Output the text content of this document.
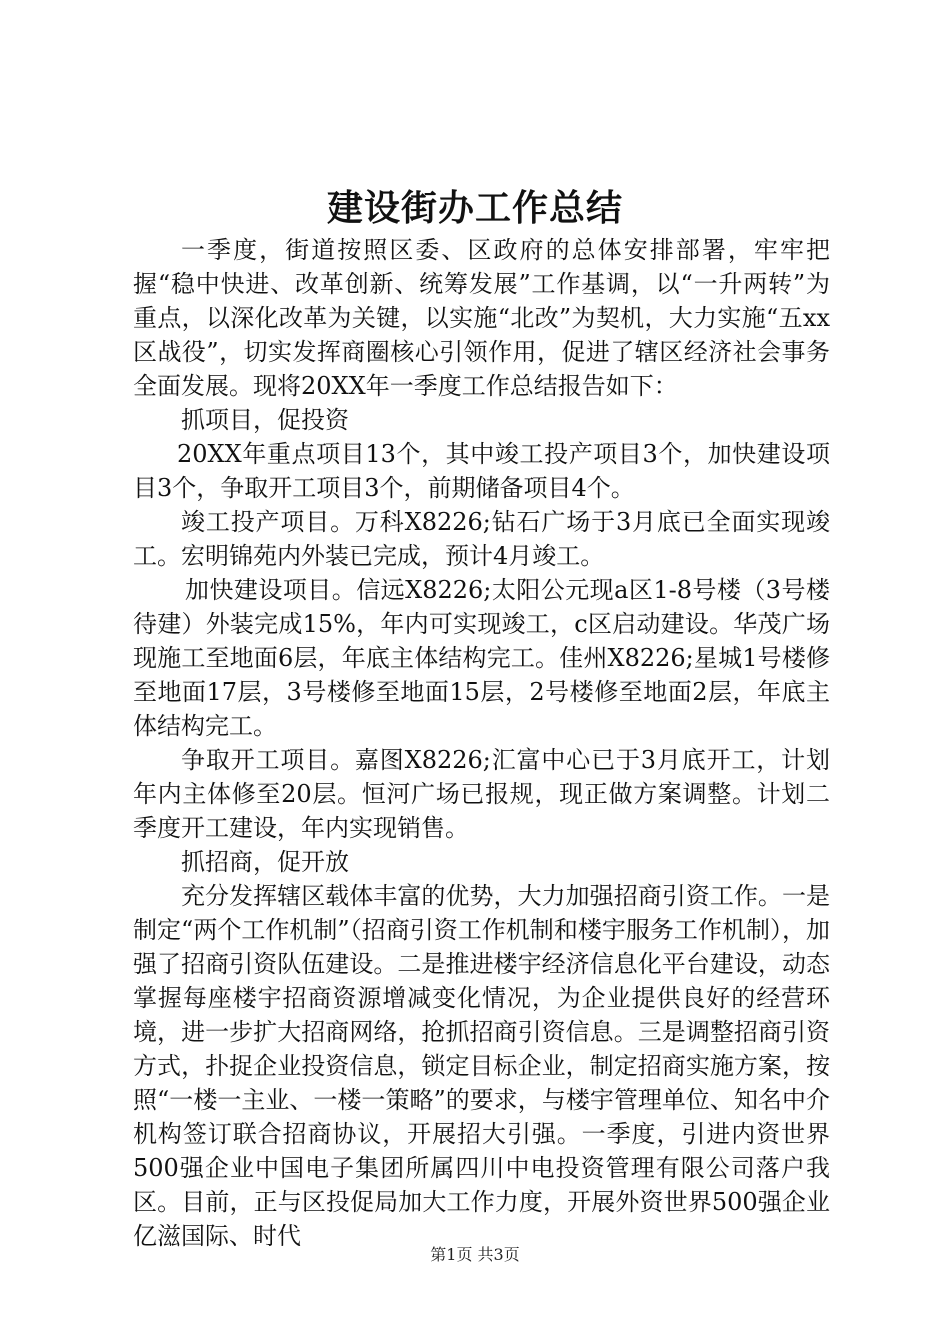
建设街办工作总结

一季度，街道按照区委、区政府的总体安排部署，牢牢把握“稳中快进、改革创新、统筹发展”工作基调，以“一升两转”为重点，以深化改革为关键，以实施“北改”为契机，大力实施“五xx区战役”，切实发挥商圈核心引领作用，促进了辖区经济社会事务全面发展。现将20XX年一季度工作总结报告如下：

抓项目，促投资

20XX年重点项目13个，其中竣工投产项目3个，加快建设项目3个，争取开工项目3个，前期储备项目4个。

竣工投产项目。万科X8226;钻石广场于3月底已全面实现竣工。宏明锦苑内外装已完成，预计4月竣工。

加快建设项目。信远X8226;太阳公元现a区1-8号楼（3号楼待建）外装完成15%，年内可实现竣工，c区启动建设。华茂广场现施工至地面6层，年底主体结构完工。佳州X8226;星城1号楼修至地面17层，3号楼修至地面15层，2号楼修至地面2层，年底主体结构完工。

争取开工项目。嘉图X8226;汇富中心已于3月底开工，计划年内主体修至20层。恒河广场已报规，现正做方案调整。计划二季度开工建设，年内实现销售。

抓招商，促开放

充分发挥辖区载体丰富的优势，大力加强招商引资工作。一是制定“两个工作机制”（招商引资工作机制和楼宇服务工作机制），加强了招商引资队伍建设。二是推进楼宇经济信息化平台建设，动态掌握每座楼宇招商资源增减变化情况，为企业提供良好的经营环境，进一步扩大招商网络，抢抓招商引资信息。三是调整招商引资方式，扑捉企业投资信息，锁定目标企业，制定招商实施方案，按照“一楼一主业、一楼一策略”的要求，与楼宇管理单位、知名中介机构签订联合招商协议，开展招大引强。一季度，引进内资世界500强企业中国电子集团所属四川中电投资管理有限公司落户我区。目前，正与区投促局加大工作力度，开展外资世界500强企业亿滋国际、时代

第1页 共3页
